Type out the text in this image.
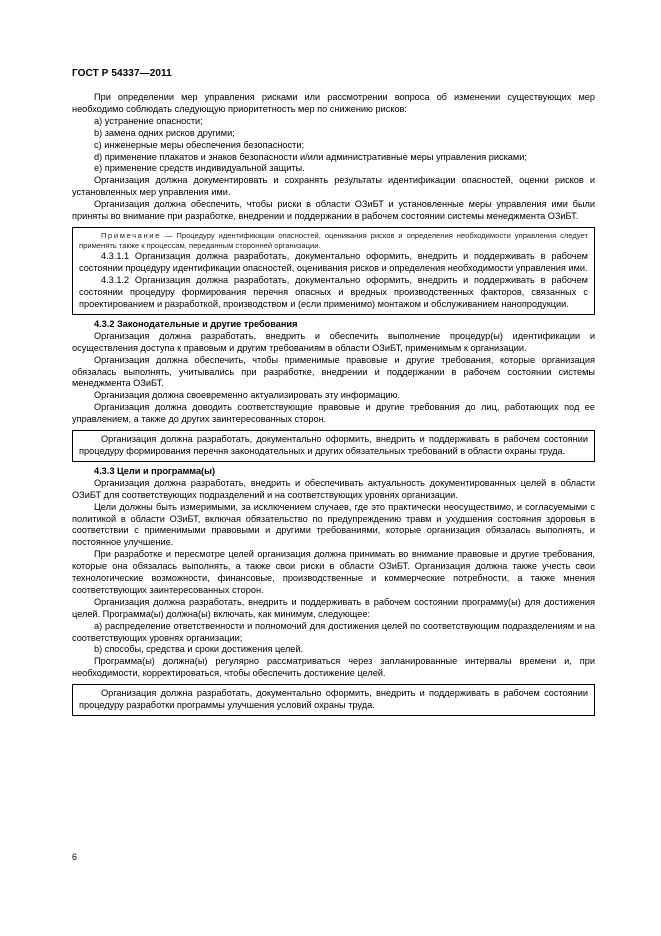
ГОСТ Р 54337—2011

При определении мер управления рисками или рассмотрении вопроса об изменении существующих мер необходимо соблюдать следующую приоритетность мер по снижению рисков:

a) устранение опасности;

b) замена одних рисков другими;

c) инженерные меры обеспечения безопасности;

d) применение плакатов и знаков безопасности и/или административные меры управления рисками;

e) применение средств индивидуальной защиты.

Организация должна документировать и сохранять результаты идентификации опасностей, оценки рисков и установленных мер управления ими.

Организация должна обеспечить, чтобы риски в области ОЗиБТ и установленные меры управления ими были приняты во внимание при разработке, внедрении и поддержании в рабочем состоянии системы менеджмента ОЗиБТ.

Примечание — Процедуру идентификации опасностей, оценивания рисков и определения необходимости управления следует применять также к процессам, переданным сторонней организации.

4.3.1.1 Организация должна разработать, документально оформить, внедрить и поддерживать в рабочем состоянии процедуру идентификации опасностей, оценивания рисков и определения необходимости управления ими.

4.3.1.2 Организация должна разработать, документально оформить, внедрить и поддерживать в рабочем состоянии процедуру формирования перечня опасных и вредных производственных факторов, связанных с проектированием и разработкой, производством и (если применимо) монтажом и обслуживанием нанопродукции.

4.3.2 Законодательные и другие требования

Организация должна разработать, внедрить и обеспечить выполнение процедур(ы) идентификации и осуществления доступа к правовым и другим требованиям в области ОЗиБТ, применимым к организации.

Организация должна обеспечить, чтобы применимые правовые и другие требования, которые организация обязалась выполнять, учитывались при разработке, внедрении и поддержании в рабочем состоянии системы менеджмента ОЗиБТ.

Организация должна своевременно актуализировать эту информацию.

Организация должна доводить соответствующие правовые и другие требования до лиц, работающих под ее управлением, а также до других заинтересованных сторон.

Организация должна разработать, документально оформить, внедрить и поддерживать в рабочем состоянии процедуру формирования перечня законодательных и других обязательных требований в области охраны труда.

4.3.3 Цели и программа(ы)

Организация должна разработать, внедрить и обеспечивать актуальность документированных целей в области ОЗиБТ для соответствующих подразделений и на соответствующих уровнях организации.

Цели должны быть измеримыми, за исключением случаев, где это практически неосуществимо, и согласуемыми с политикой в области ОЗиБТ, включая обязательство по предупреждению травм и ухудшения состояния здоровья в соответствии с применимыми правовыми и другими требованиями, которые организация обязалась выполнять, и постоянное улучшение.

При разработке и пересмотре целей организация должна принимать во внимание правовые и другие требования, которые она обязалась выполнять, а также свои риски в области ОЗиБТ. Организация должна также учесть свои технологические возможности, финансовые, производственные и коммерческие потребности, а также мнения соответствующих заинтересованных сторон.

Организация должна разработать, внедрить и поддерживать в рабочем состоянии программу(ы) для достижения целей. Программа(ы) должна(ы) включать, как минимум, следующее:

a) распределение ответственности и полномочий для достижения целей по соответствующим подразделениям и на соответствующих уровнях организации;

b) способы, средства и сроки достижения целей.

Программа(ы) должна(ы) регулярно рассматриваться через запланированные интервалы времени и, при необходимости, корректироваться, чтобы обеспечить достижение целей.

Организация должна разработать, документально оформить, внедрить и поддерживать в рабочем состоянии процедуру разработки программы улучшения условий охраны труда.

6
